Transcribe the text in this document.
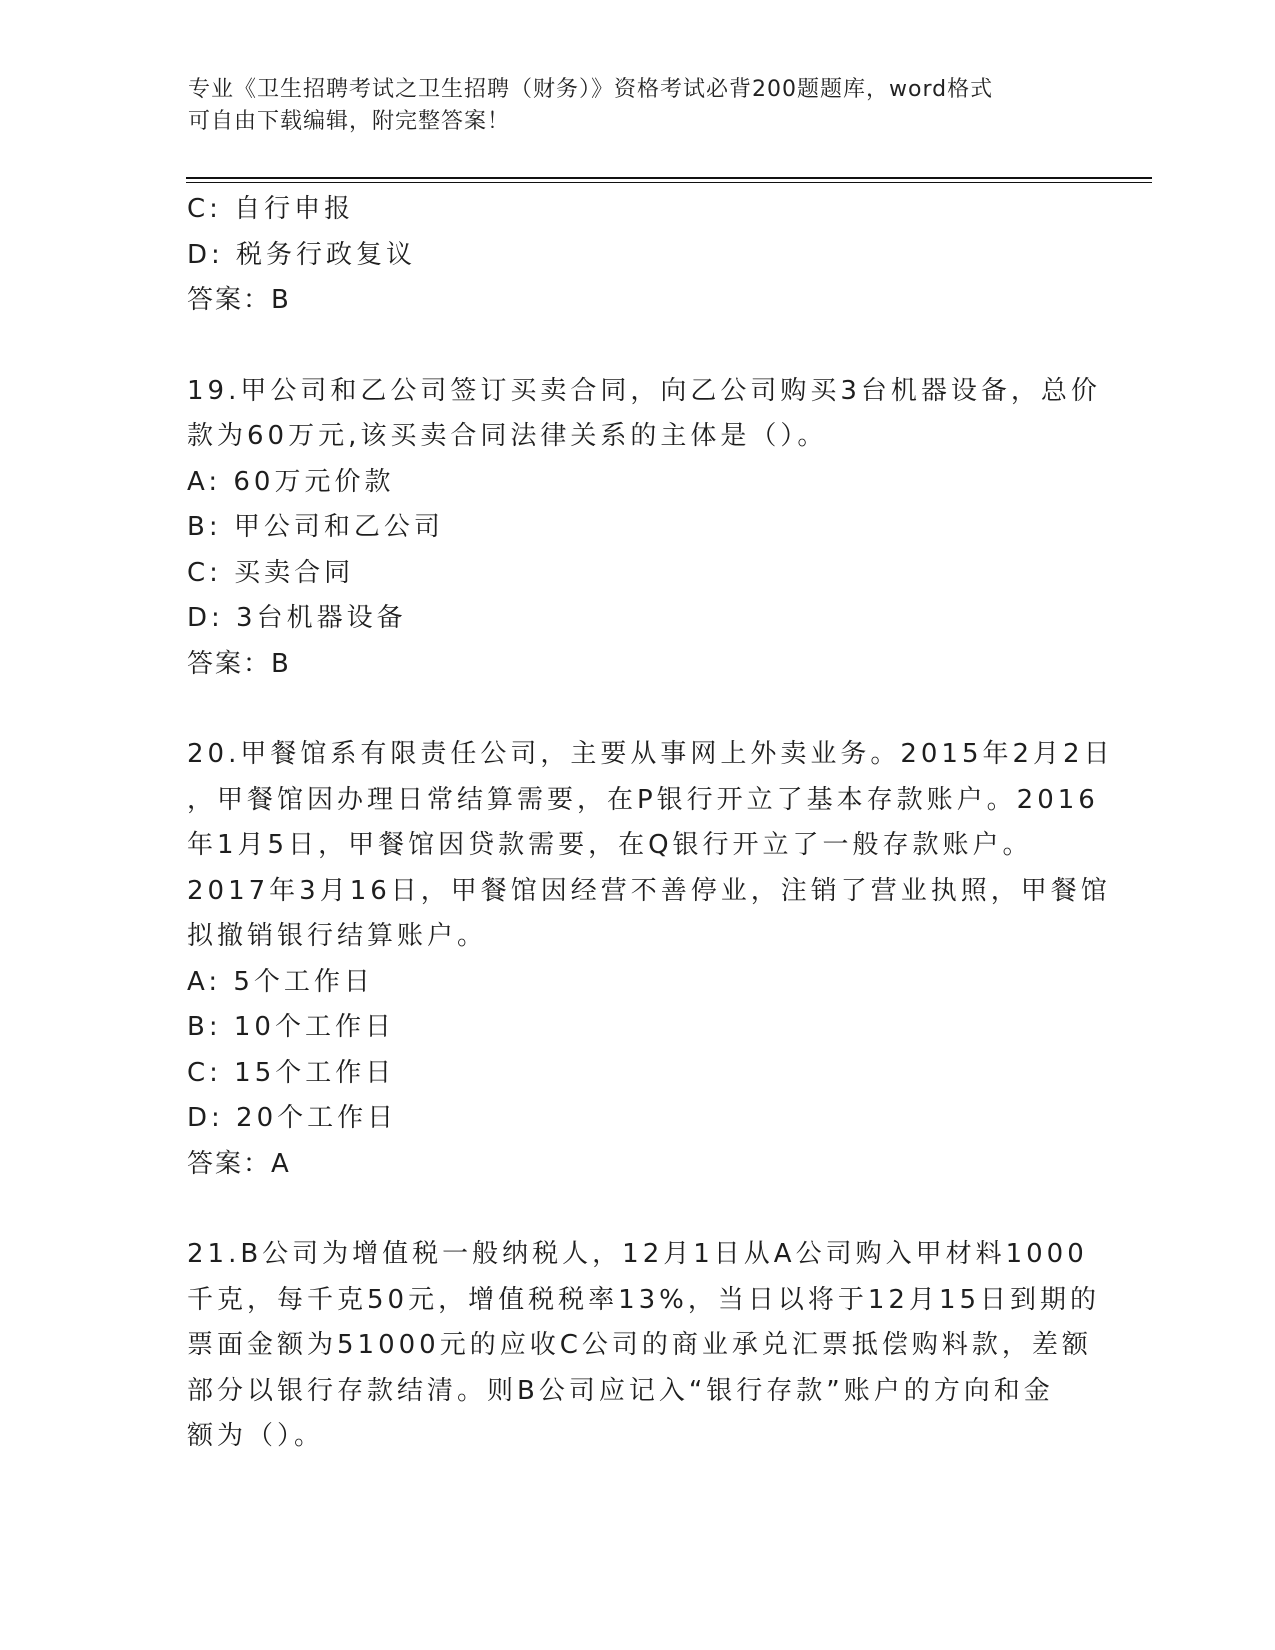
专业《卫生招聘考试之卫生招聘（财务）》资格考试必背200题题库，word格式
可自由下载编辑，附完整答案！
C: 自行申报
D: 税务行政复议
答案：B
19.甲公司和乙公司签订买卖合同，向乙公司购买3台机器设备，总价
款为60万元,该买卖合同法律关系的主体是（）。
A: 60万元价款
B: 甲公司和乙公司
C: 买卖合同
D: 3台机器设备
答案：B
20.甲餐馆系有限责任公司，主要从事网上外卖业务。2015年2月2日
，甲餐馆因办理日常结算需要，在P银行开立了基本存款账户。2016
年1月5日，甲餐馆因贷款需要，在Q银行开立了一般存款账户。
2017年3月16日，甲餐馆因经营不善停业，注销了营业执照，甲餐馆
拟撤销银行结算账户。
A: 5个工作日
B: 10个工作日
C: 15个工作日
D: 20个工作日
答案：A
21.B公司为增值税一般纳税人，12月1日从A公司购入甲材料1000
千克，每千克50元，增值税税率13%，当日以将于12月15日到期的
票面金额为51000元的应收C公司的商业承兑汇票抵偿购料款，差额
部分以银行存款结清。则B公司应记入“银行存款”账户的方向和金
额为（）。
